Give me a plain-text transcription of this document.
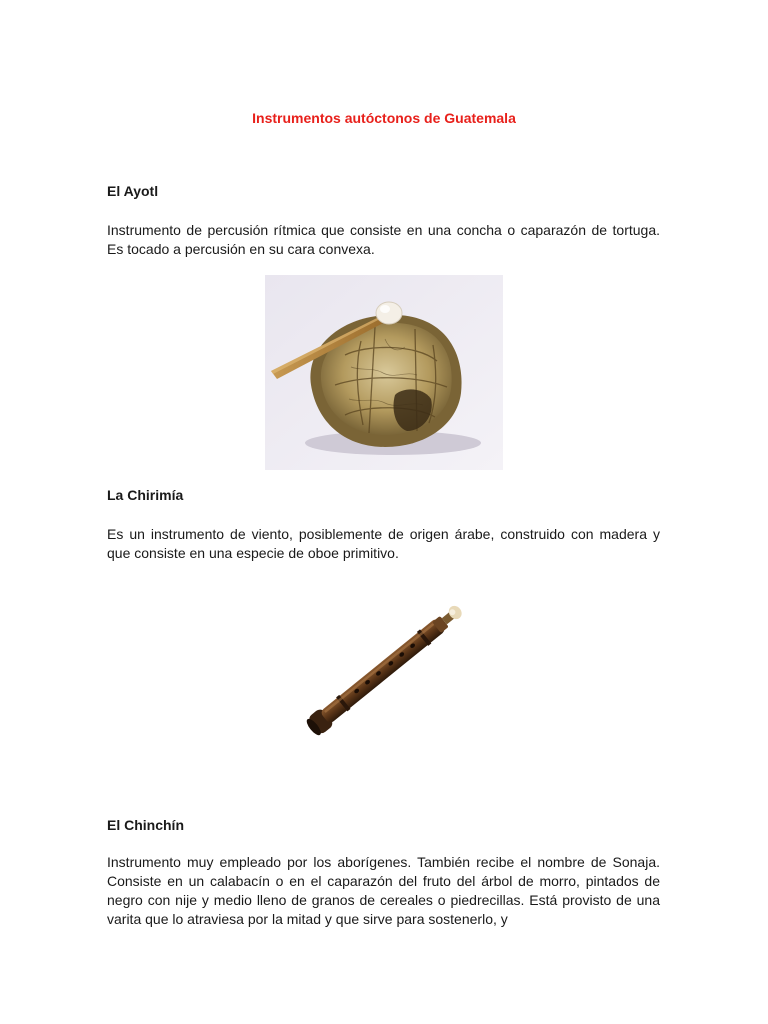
Instrumentos autóctonos de Guatemala
El Ayotl

Instrumento de percusión rítmica que consiste en una concha o caparazón de tortuga. Es tocado a percusión en su cara convexa.

La Chirimía

Es un instrumento de viento, posiblemente de origen árabe, construido con madera y que consiste en una especie de oboe primitivo.

El Chinchín

Instrumento muy empleado por los aborígenes. También recibe el nombre de Sonaja. Consiste en un calabacín o en el caparazón del fruto del árbol de morro, pintados de negro con nije y medio lleno de granos de cereales o piedrecillas. Está provisto de una varita que lo atraviesa por la mitad y que sirve para sostenerlo, y
